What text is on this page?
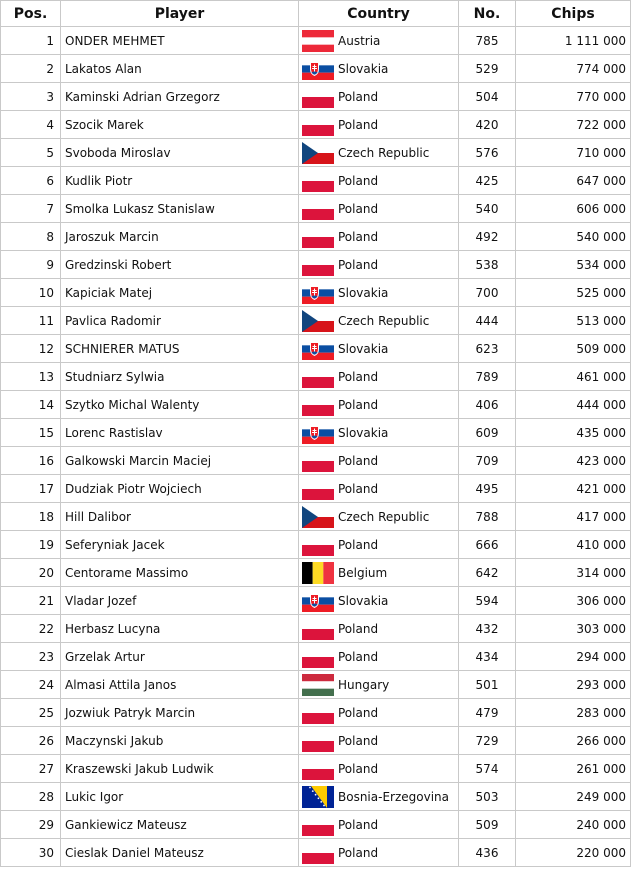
Pos.	Player	Country	No.	Chips
1	ONDER MEHMET	Austria	785	1 111 000
2	Lakatos Alan	Slovakia	529	774 000
3	Kaminski Adrian Grzegorz	Poland	504	770 000
4	Szocik Marek	Poland	420	722 000
5	Svoboda Miroslav	Czech Republic	576	710 000
6	Kudlik Piotr	Poland	425	647 000
7	Smolka Lukasz Stanislaw	Poland	540	606 000
8	Jaroszuk Marcin	Poland	492	540 000
9	Gredzinski Robert	Poland	538	534 000
10	Kapiciak Matej	Slovakia	700	525 000
11	Pavlica Radomir	Czech Republic	444	513 000
12	SCHNIERER MATUS	Slovakia	623	509 000
13	Studniarz Sylwia	Poland	789	461 000
14	Szytko Michal Walenty	Poland	406	444 000
15	Lorenc Rastislav	Slovakia	609	435 000
16	Galkowski Marcin Maciej	Poland	709	423 000
17	Dudziak Piotr Wojciech	Poland	495	421 000
18	Hill Dalibor	Czech Republic	788	417 000
19	Seferyniak Jacek	Poland	666	410 000
20	Centorame Massimo	Belgium	642	314 000
21	Vladar Jozef	Slovakia	594	306 000
22	Herbasz Lucyna	Poland	432	303 000
23	Grzelak Artur	Poland	434	294 000
24	Almasi Attila Janos	Hungary	501	293 000
25	Jozwiuk Patryk Marcin	Poland	479	283 000
26	Maczynski Jakub	Poland	729	266 000
27	Kraszewski Jakub Ludwik	Poland	574	261 000
28	Lukic Igor	Bosnia-Erzegovina	503	249 000
29	Gankiewicz Mateusz	Poland	509	240 000
30	Cieslak Daniel Mateusz	Poland	436	220 000
